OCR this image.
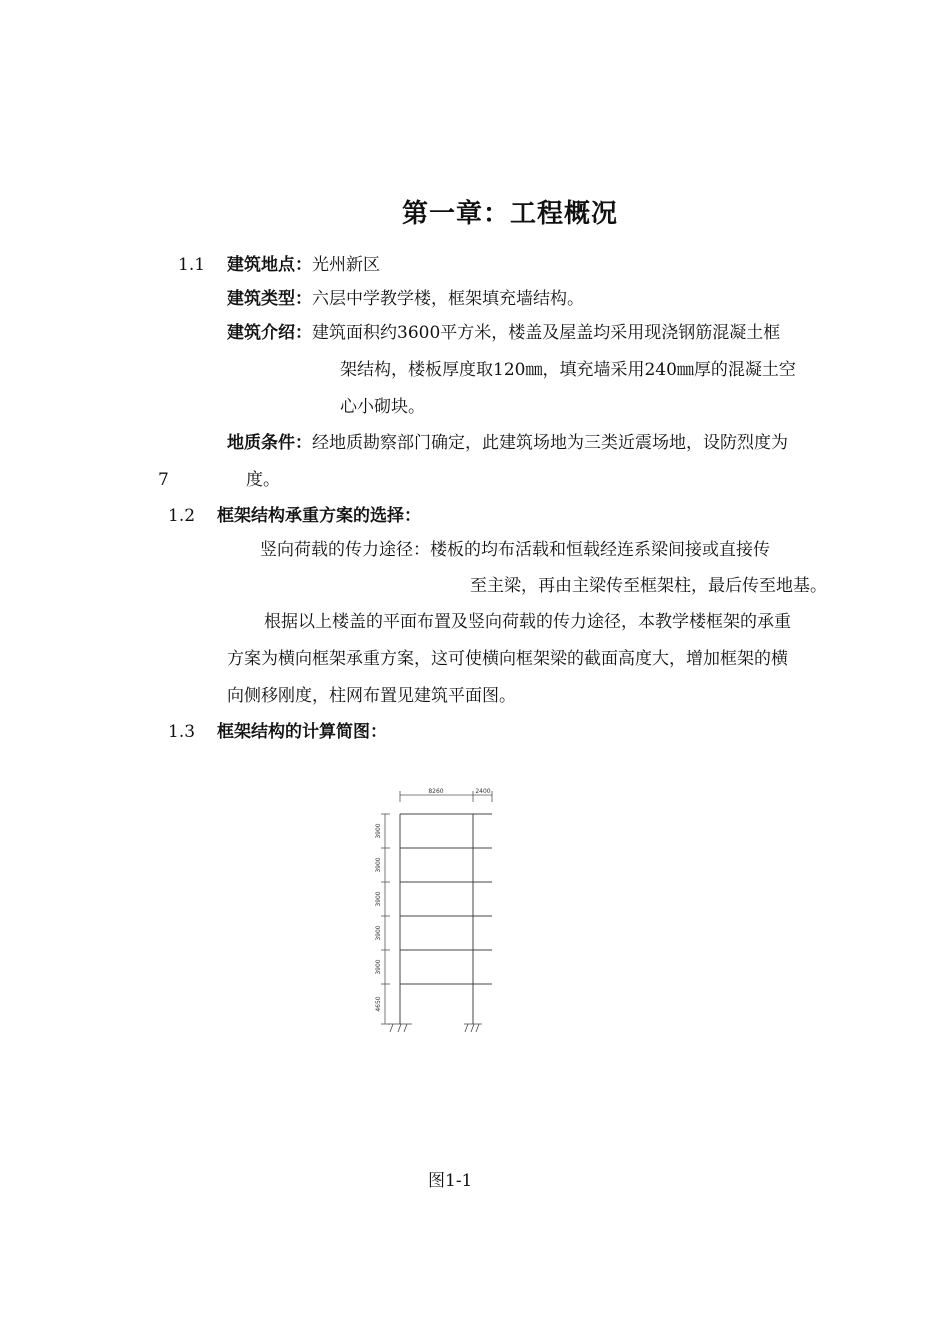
第一章：工程概况
1.1 建筑地点：光州新区
建筑类型：六层中学教学楼，框架填充墙结构。
建筑介绍：建筑面积约3600平方米，楼盖及屋盖均采用现浇钢筋混凝土框
架结构，楼板厚度取120㎜，填充墙采用240㎜厚的混凝土空
心小砌块。
地质条件：经地质勘察部门确定，此建筑场地为三类近震场地，设防烈度为
7	度。
1.2 框架结构承重方案的选择：
竖向荷载的传力途径：楼板的均布活载和恒载经连系梁间接或直接传
至主梁，再由主梁传至框架柱，最后传至地基。
根据以上楼盖的平面布置及竖向荷载的传力途径，本教学楼框架的承重
方案为横向框架承重方案，这可使横向框架梁的截面高度大，增加框架的横
向侧移刚度，柱网布置见建筑平面图。
1.3 框架结构的计算简图：
8260	2400
3900
3900
3900
3900
3900
4650
图1-1
